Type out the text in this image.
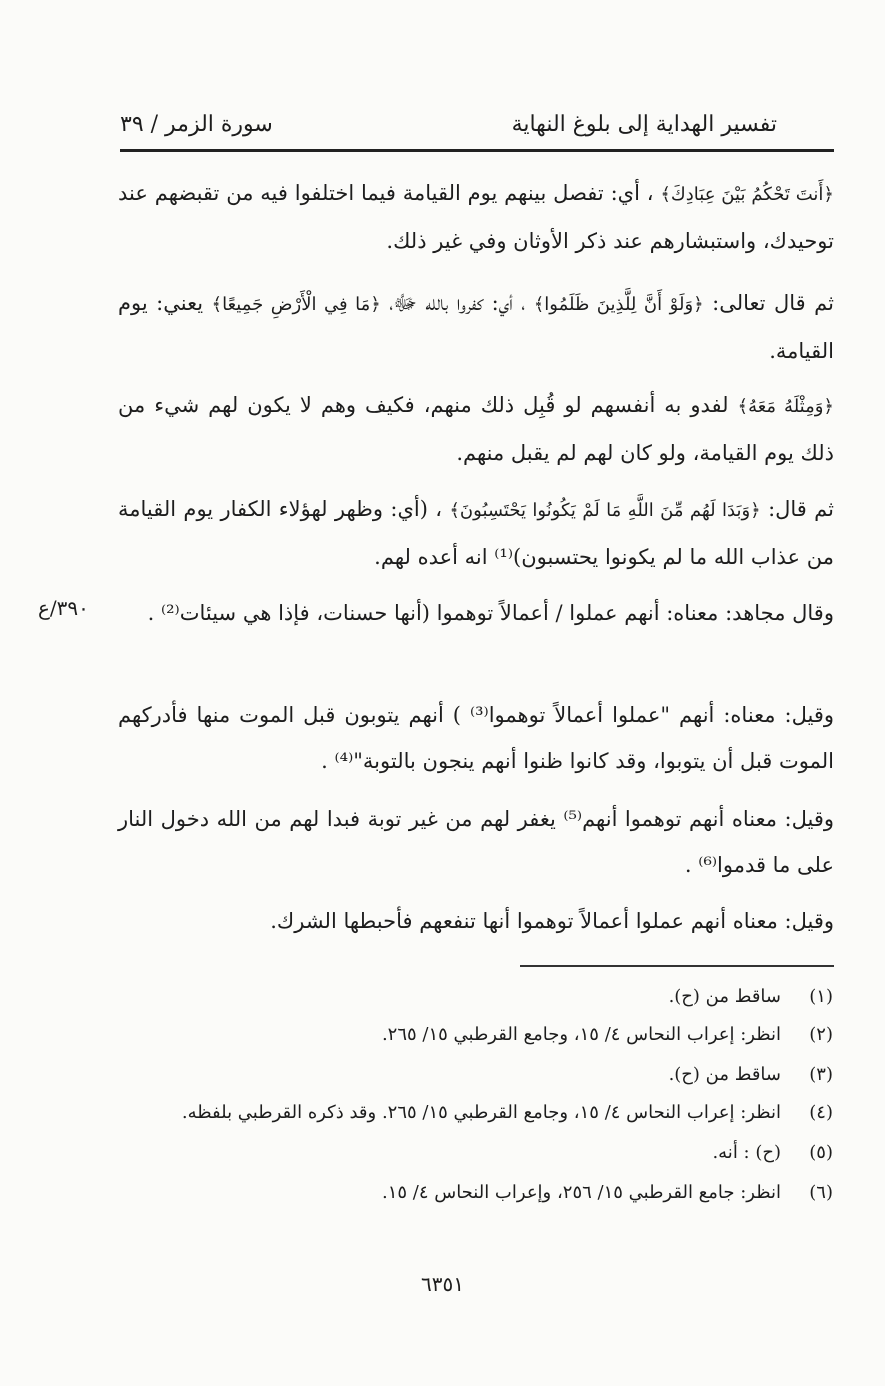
تفسير الهداية إلى بلوغ النهاية
سورة الزمر / ٣٩
٣٩٠/ع
﴿أَنتَ تَحْكُمُ بَيْنَ عِبَادِكَ﴾ ، أي: تفصل بينهم يوم القيامة فيما اختلفوا فيه من تقبضهم عند توحيدك، واستبشارهم عند ذكر الأوثان وفي غير ذلك.
ثم قال تعالى: ﴿وَلَوْ أَنَّ لِلَّذِينَ ظَلَمُوا﴾ ، أي: كفروا بالله ﷻ، ﴿مَا فِي الْأَرْضِ جَمِيعًا﴾ يعني: يوم القيامة.
﴿وَمِثْلَهُ مَعَهُ﴾ لفدو به أنفسهم لو قُبِل ذلك منهم، فكيف وهم لا يكون لهم شيء من ذلك يوم القيامة، ولو كان لهم لم يقبل منهم.
ثم قال: ﴿وَبَدَا لَهُم مِّنَ اللَّهِ مَا لَمْ يَكُونُوا يَحْتَسِبُونَ﴾ ، (أي: وظهر لهؤلاء الكفار يوم القيامة من عذاب الله ما لم يكونوا يحتسبون)⁽¹⁾ انه أعده لهم.
وقال مجاهد: معناه: أنهم عملوا / أعمالاً توهموا (أنها حسنات، فإذا هي سيئات⁽²⁾ .
وقيل: معناه: أنهم "عملوا أعمالاً توهموا⁽³⁾ ) أنهم يتوبون قبل الموت منها فأدركهم الموت قبل أن يتوبوا، وقد كانوا ظنوا أنهم ينجون بالتوبة"⁽⁴⁾ .
وقيل: معناه أنهم توهموا أنهم⁽⁵⁾ يغفر لهم من غير توبة فبدا لهم من الله دخول النار على ما قدموا⁽⁶⁾ .
وقيل: معناه أنهم عملوا أعمالاً توهموا أنها تنفعهم فأحبطها الشرك.
(١)ساقط من (ح).
(٢)انظر: إعراب النحاس ٤/ ١٥، وجامع القرطبي ١٥/ ٢٦٥.
(٣)ساقط من (ح).
(٤)انظر: إعراب النحاس ٤/ ١٥، وجامع القرطبي ١٥/ ٢٦٥. وقد ذكره القرطبي بلفظه.
(٥)(ح) : أنه.
(٦)انظر: جامع القرطبي ١٥/ ٢٥٦، وإعراب النحاس ٤/ ١٥.
٦٣٥١
